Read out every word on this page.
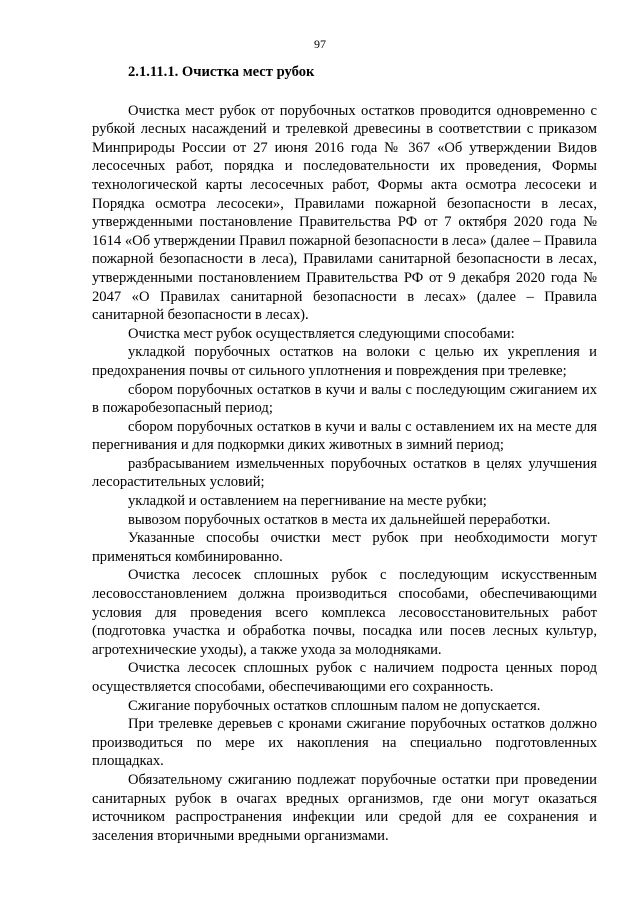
97

2.1.11.1. Очистка мест рубок

Очистка мест рубок от порубочных остатков проводится одновременно с рубкой лесных насаждений и трелевкой древесины в соответствии с приказом Минприроды России от 27 июня 2016 года № 367 «Об утверждении Видов лесосечных работ, порядка и последовательности их проведения, Формы технологической карты лесосечных работ, Формы акта осмотра лесосеки и Порядка осмотра лесосеки», Правилами пожарной безопасности в лесах, утвержденными постановление Правительства РФ от 7 октября 2020 года № 1614 «Об утверждении Правил пожарной безопасности в леса» (далее – Правила пожарной безопасности в леса), Правилами санитарной безопасности в лесах, утвержденными постановлением Правительства РФ от 9 декабря 2020 года № 2047 «О Правилах санитарной безопасности в лесах» (далее – Правила санитарной безопасности в лесах).

Очистка мест рубок осуществляется следующими способами:

укладкой порубочных остатков на волоки с целью их укрепления и предохранения почвы от сильного уплотнения и повреждения при трелевке;

сбором порубочных остатков в кучи и валы с последующим сжиганием их в пожаробезопасный период;

сбором порубочных остатков в кучи и валы с оставлением их на месте для перегнивания и для подкормки диких животных в зимний период;

разбрасыванием измельченных порубочных остатков в целях улучшения лесорастительных условий;

укладкой и оставлением на перегнивание на месте рубки;

вывозом порубочных остатков в места их дальнейшей переработки.

Указанные способы очистки мест рубок при необходимости могут применяться комбинированно.

Очистка лесосек сплошных рубок с последующим искусственным лесовосстановлением должна производиться способами, обеспечивающими условия для проведения всего комплекса лесовосстановительных работ (подготовка участка и обработка почвы, посадка или посев лесных культур, агротехнические уходы), а также ухода за молодняками.

Очистка лесосек сплошных рубок с наличием подроста ценных пород осуществляется способами, обеспечивающими его сохранность.

Сжигание порубочных остатков сплошным палом не допускается.

При трелевке деревьев с кронами сжигание порубочных остатков должно производиться по мере их накопления на специально подготовленных площадках.

Обязательному сжиганию подлежат порубочные остатки при проведении санитарных рубок в очагах вредных организмов, где они могут оказаться источником распространения инфекции или средой для ее сохранения и заселения вторичными вредными организмами.
